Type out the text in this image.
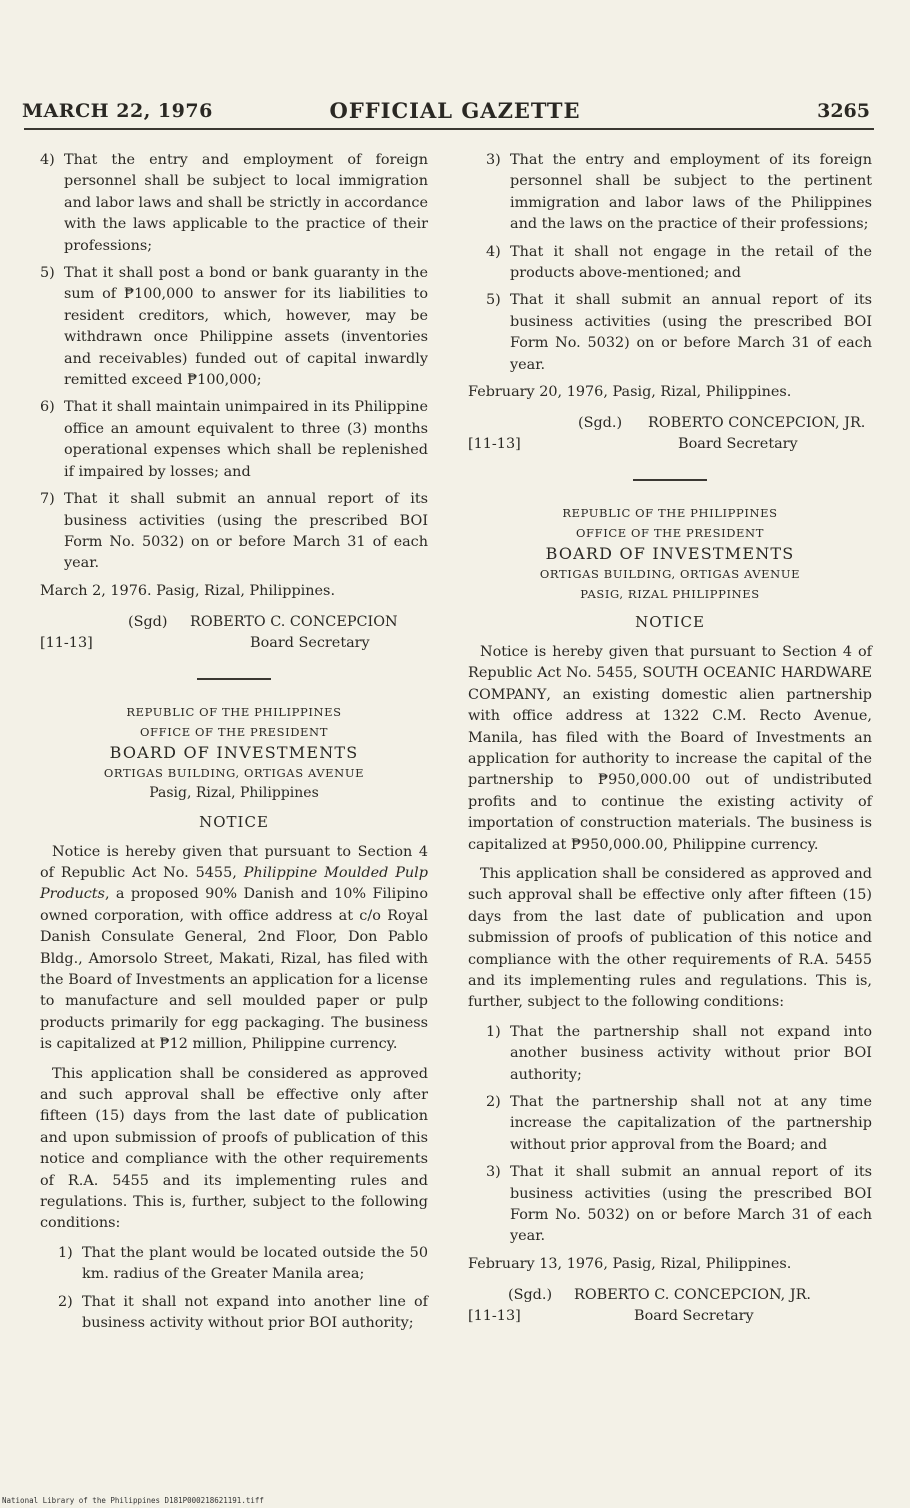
MARCH 22, 1976	OFFICIAL GAZETTE	3265
4) That the entry and employment of foreign personnel shall be subject to local immigration and labor laws and shall be strictly in accordance with the laws applicable to the practice of their professions;
5) That it shall post a bond or bank guaranty in the sum of ₱100,000 to answer for its liabilities to resident creditors, which, however, may be withdrawn once Philippine assets (inventories and receivables) funded out of capital inwardly remitted exceed ₱100,000;
6) That it shall maintain unimpaired in its Philippine office an amount equivalent to three (3) months operational expenses which shall be replenished if impaired by losses; and
7) That it shall submit an annual report of its business activities (using the prescribed BOI Form No. 5032) on or before March 31 of each year.
March 2, 1976. Pasig, Rizal, Philippines.
(Sgd) ROBERTO C. CONCEPCION
[11-13]	Board Secretary
REPUBLIC OF THE PHILIPPINES
OFFICE OF THE PRESIDENT
BOARD OF INVESTMENTS
ORTIGAS BUILDING, ORTIGAS AVENUE
Pasig, Rizal, Philippines
NOTICE
Notice is hereby given that pursuant to Section 4 of Republic Act No. 5455, Philippine Moulded Pulp Products, a proposed 90% Danish and 10% Filipino owned corporation, with office address at c/o Royal Danish Consulate General, 2nd Floor, Don Pablo Bldg., Amorsolo Street, Makati, Rizal, has filed with the Board of Investments an application for a license to manufacture and sell moulded paper or pulp products primarily for egg packaging. The business is capitalized at ₱12 million, Philippine currency.
This application shall be considered as approved and such approval shall be effective only after fifteen (15) days from the last date of publication and upon submission of proofs of publication of this notice and compliance with the other requirements of R.A. 5455 and its implementing rules and regulations. This is, further, subject to the following conditions:
1) That the plant would be located outside the 50 km. radius of the Greater Manila area;
2) That it shall not expand into another line of business activity without prior BOI authority;
3) That the entry and employment of its foreign personnel shall be subject to the pertinent immigration and labor laws of the Philippines and the laws on the practice of their professions;
4) That it shall not engage in the retail of the products above-mentioned; and
5) That it shall submit an annual report of its business activities (using the prescribed BOI Form No. 5032) on or before March 31 of each year.
February 20, 1976, Pasig, Rizal, Philippines.
(Sgd.) ROBERTO CONCEPCION, JR.
[11-13]	Board Secretary
REPUBLIC OF THE PHILIPPINES
OFFICE OF THE PRESIDENT
BOARD OF INVESTMENTS
ORTIGAS BUILDING, ORTIGAS AVENUE
PASIG, RIZAL PHILIPPINES
NOTICE
Notice is hereby given that pursuant to Section 4 of Republic Act No. 5455, SOUTH OCEANIC HARDWARE COMPANY, an existing domestic alien partnership with office address at 1322 C.M. Recto Avenue, Manila, has filed with the Board of Investments an application for authority to increase the capital of the partnership to ₱950,000.00 out of undistributed profits and to continue the existing activity of importation of construction materials. The business is capitalized at ₱950,000.00, Philippine currency.
This application shall be considered as approved and such approval shall be effective only after fifteen (15) days from the last date of publication and upon submission of proofs of publication of this notice and compliance with the other requirements of R.A. 5455 and its implementing rules and regulations. This is, further, subject to the following conditions:
1) That the partnership shall not expand into another business activity without prior BOI authority;
2) That the partnership shall not at any time increase the capitalization of the partnership without prior approval from the Board; and
3) That it shall submit an annual report of its business activities (using the prescribed BOI Form No. 5032) on or before March 31 of each year.
February 13, 1976, Pasig, Rizal, Philippines.
(Sgd.) ROBERTO C. CONCEPCION, JR.
[11-13]	Board Secretary
National Library of the Philippines D181P000218621191.tiff
